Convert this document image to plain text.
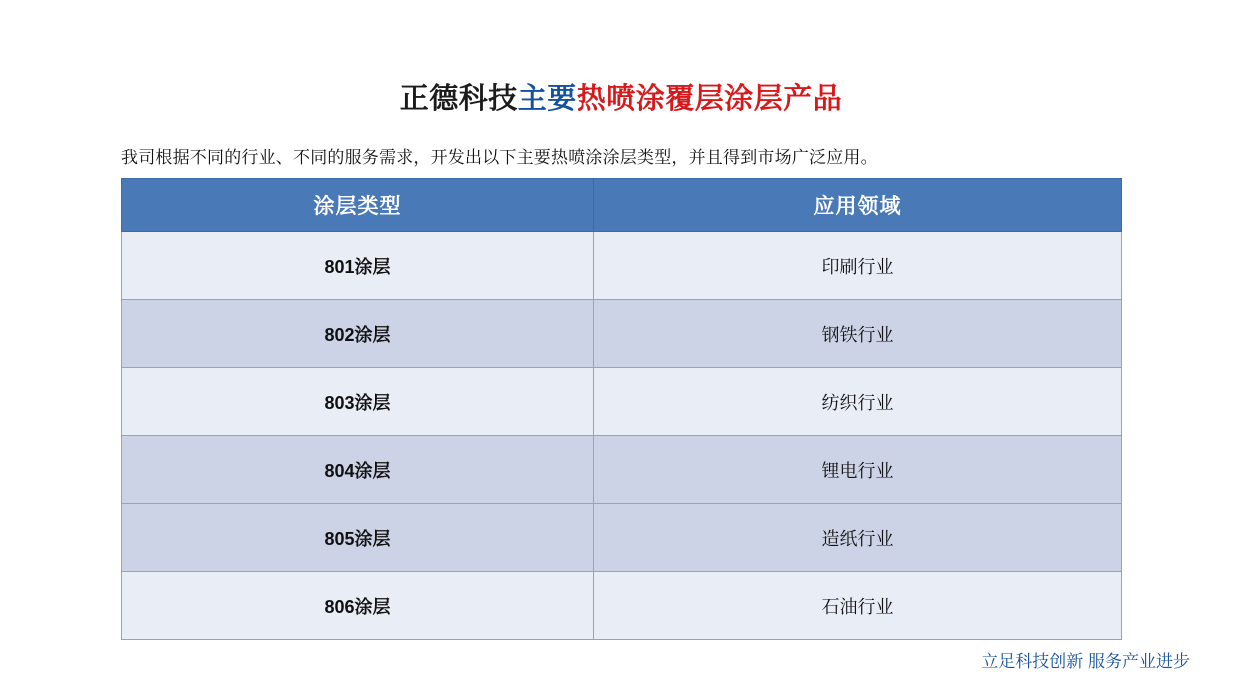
正德科技主要热喷涂覆层涂层产品
我司根据不同的行业、不同的服务需求，开发出以下主要热喷涂涂层类型，并且得到市场广泛应用。
涂层类型	应用领域
801涂层	印刷行业
802涂层	钢铁行业
803涂层	纺织行业
804涂层	锂电行业
805涂层	造纸行业
806涂层	石油行业
立足科技创新 服务产业进步
